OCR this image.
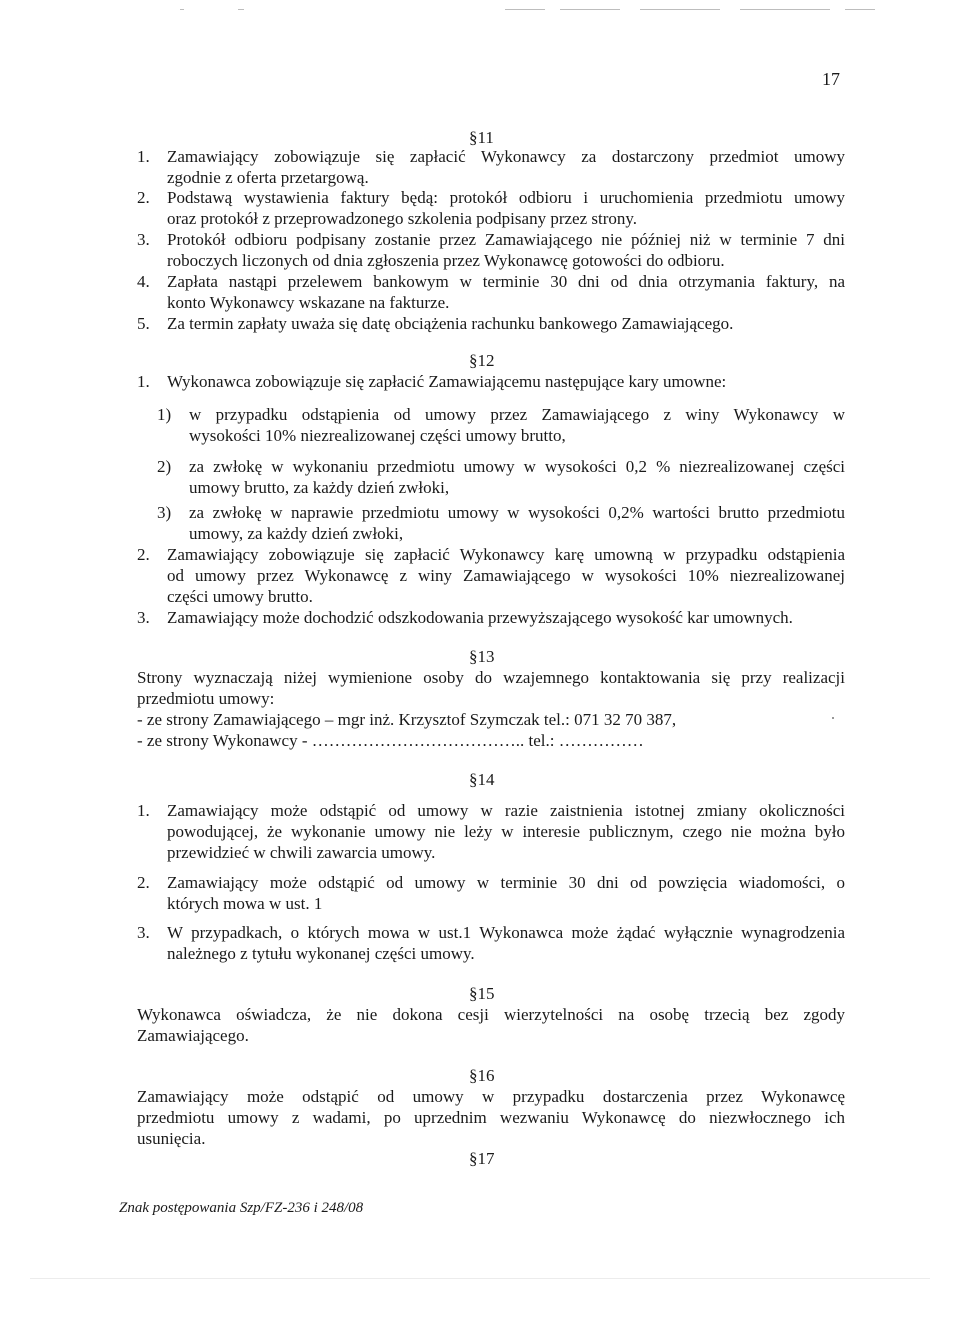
17
§11
1. Zamawiający zobowiązuje się zapłacić Wykonawcy za dostarczony przedmiot umowy
zgodnie z oferta przetargową.
2. Podstawą wystawienia faktury będą: protokół odbioru i uruchomienia przedmiotu umowy
oraz protokół z przeprowadzonego szkolenia podpisany przez strony.
3. Protokół odbioru podpisany zostanie przez Zamawiającego nie później niż w terminie 7 dni
roboczych liczonych od dnia zgłoszenia przez Wykonawcę gotowości do odbioru.
4. Zapłata nastąpi przelewem bankowym w terminie 30 dni od dnia otrzymania faktury, na
konto Wykonawcy wskazane na fakturze.
5. Za termin zapłaty uważa się datę obciążenia rachunku bankowego Zamawiającego.
§12
1. Wykonawca zobowiązuje się zapłacić Zamawiającemu następujące kary umowne:
1) w przypadku odstąpienia od umowy przez Zamawiającego z winy Wykonawcy w
wysokości 10% niezrealizowanej części umowy brutto,
2) za zwłokę w wykonaniu przedmiotu umowy w wysokości 0,2 % niezrealizowanej części
umowy brutto, za każdy dzień zwłoki,
3) za zwłokę w naprawie przedmiotu umowy w wysokości 0,2% wartości brutto przedmiotu
umowy, za każdy dzień zwłoki,
2. Zamawiający zobowiązuje się zapłacić Wykonawcy karę umowną w przypadku odstąpienia
od umowy przez Wykonawcę z winy Zamawiającego w wysokości 10% niezrealizowanej
części umowy brutto.
3. Zamawiający może dochodzić odszkodowania przewyższającego wysokość kar umownych.
§13
Strony wyznaczają niżej wymienione osoby do wzajemnego kontaktowania się przy realizacji
przedmiotu umowy:
- ze strony Zamawiającego – mgr inż. Krzysztof Szymczak tel.: 071 32 70 387,
- ze strony Wykonawcy - ……………………………….. tel.: ……………
§14
1. Zamawiający może odstąpić od umowy w razie zaistnienia istotnej zmiany okoliczności
powodującej, że wykonanie umowy nie leży w interesie publicznym, czego nie można było
przewidzieć w chwili zawarcia umowy.
2. Zamawiający może odstąpić od umowy w terminie 30 dni od powzięcia wiadomości, o
których mowa w ust. 1
3. W przypadkach, o których mowa w ust.1 Wykonawca może żądać wyłącznie wynagrodzenia
należnego z tytułu wykonanej części umowy.
§15
Wykonawca oświadcza, że nie dokona cesji wierzytelności na osobę trzecią bez zgody
Zamawiającego.
§16
Zamawiający może odstąpić od umowy w przypadku dostarczenia przez Wykonawcę
przedmiotu umowy z wadami, po uprzednim wezwaniu Wykonawcę do niezwłocznego ich
usunięcia.
§17
Znak postępowania Szp/FZ-236 i 248/08
